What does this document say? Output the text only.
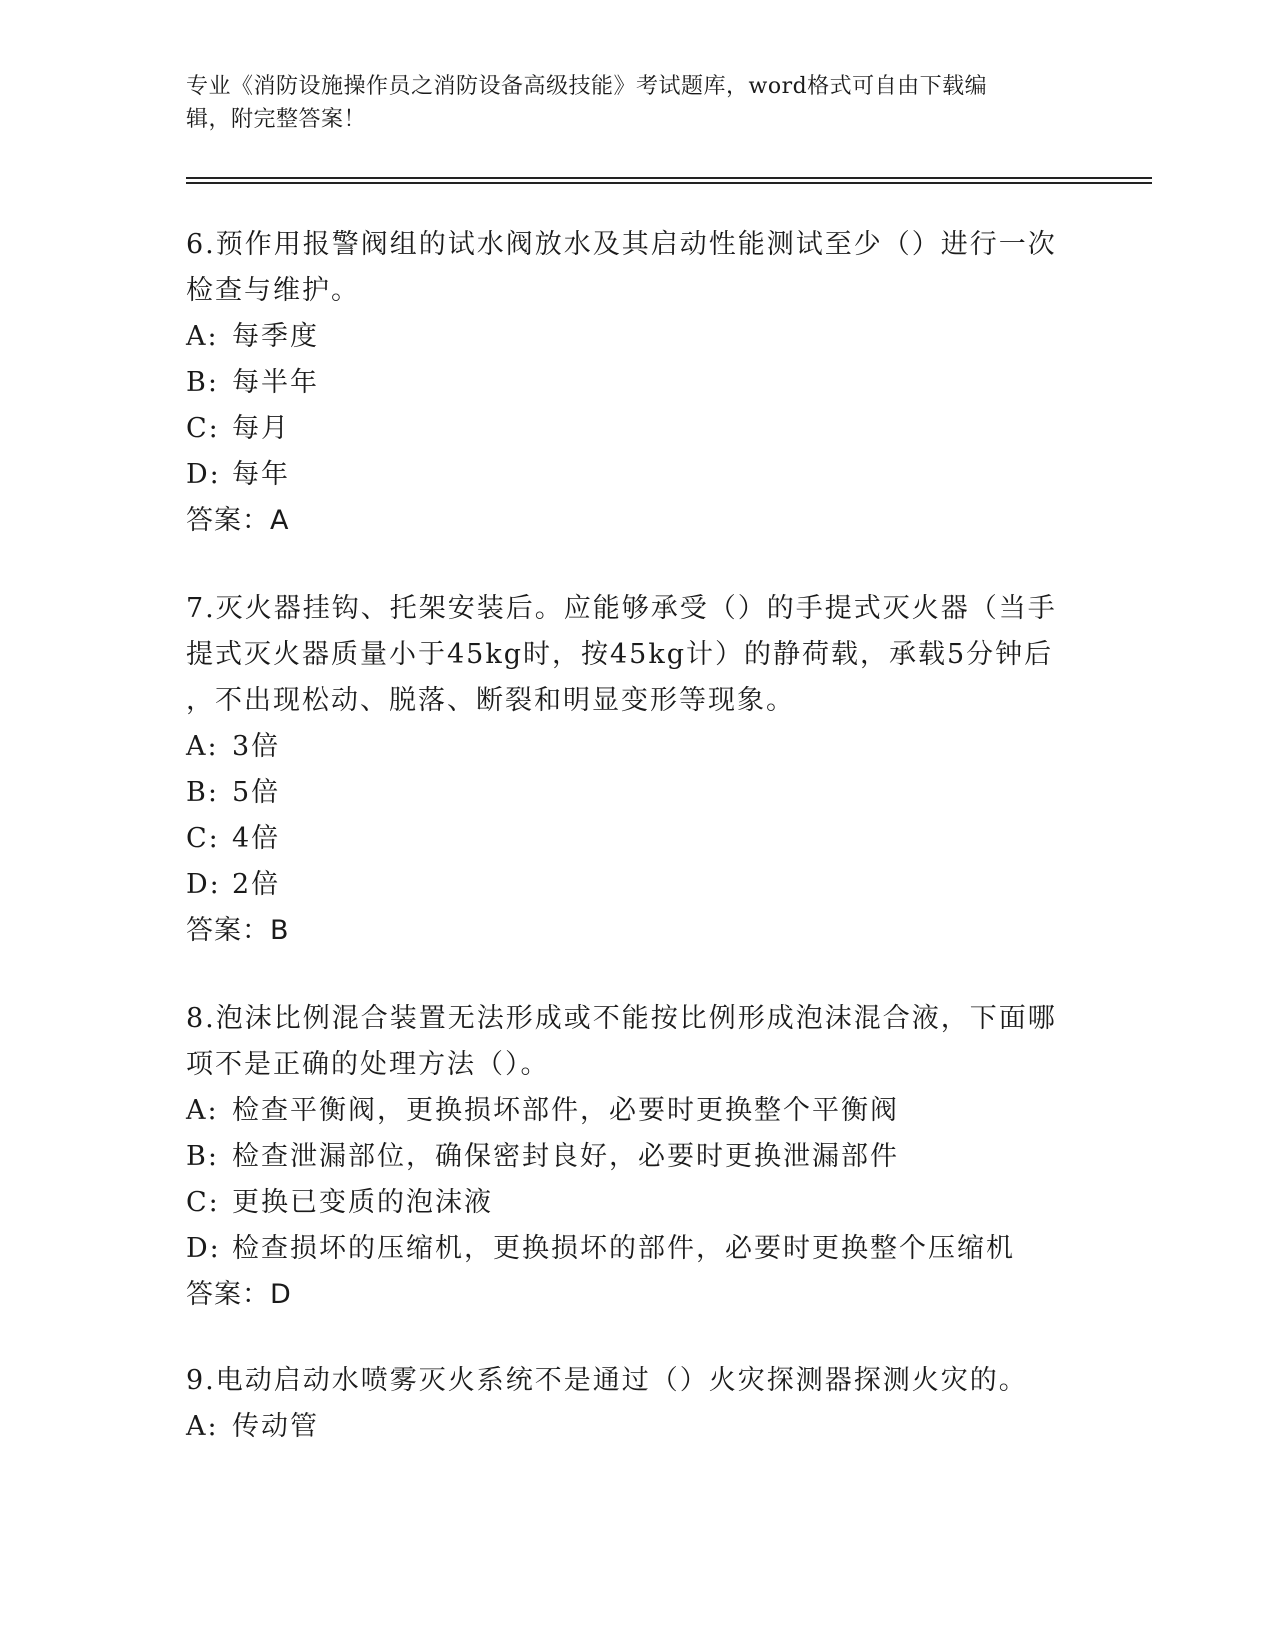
专业《消防设施操作员之消防设备高级技能》考试题库，word格式可自由下载编
辑，附完整答案！
6.预作用报警阀组的试水阀放水及其启动性能测试至少（）进行一次
检查与维护。
A: 每季度
B: 每半年
C: 每月
D: 每年
答案：A
7.灭火器挂钩、托架安装后。应能够承受（）的手提式灭火器（当手
提式灭火器质量小于45kg时，按45kg计）的静荷载，承载5分钟后
，不出现松动、脱落、断裂和明显变形等现象。
A: 3倍
B: 5倍
C: 4倍
D: 2倍
答案：B
8.泡沫比例混合装置无法形成或不能按比例形成泡沫混合液，下面哪
项不是正确的处理方法（）。
A: 检查平衡阀，更换损坏部件，必要时更换整个平衡阀
B: 检查泄漏部位，确保密封良好，必要时更换泄漏部件
C: 更换已变质的泡沫液
D: 检查损坏的压缩机，更换损坏的部件，必要时更换整个压缩机
答案：D
9.电动启动水喷雾灭火系统不是通过（）火灾探测器探测火灾的。
A: 传动管
